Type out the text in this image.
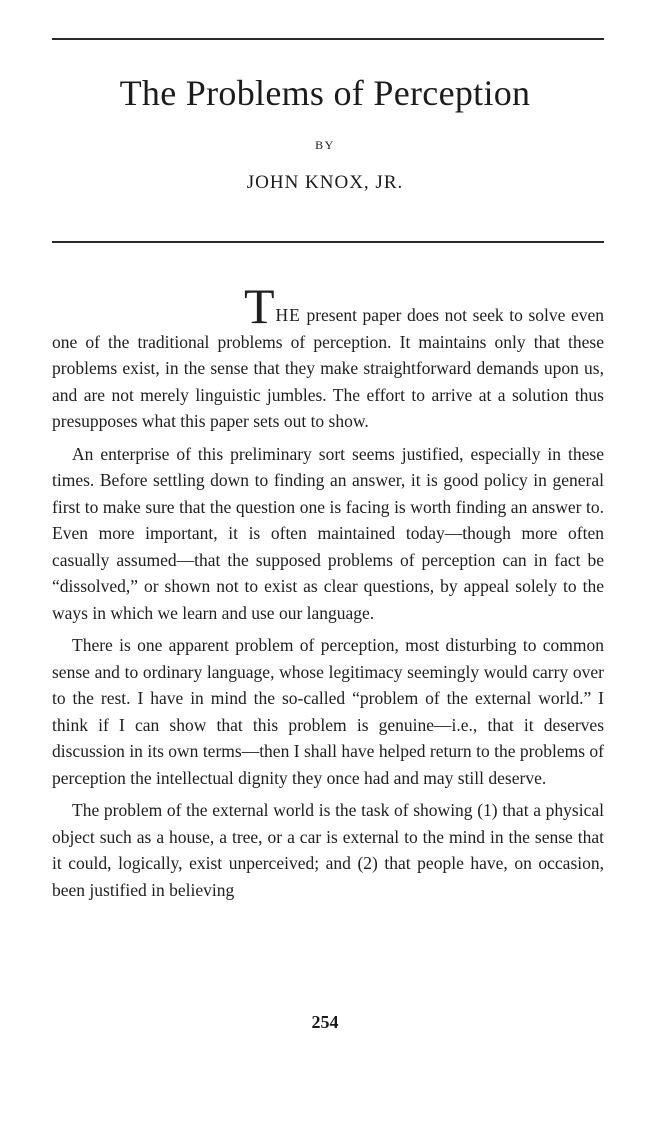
The Problems of Perception
BY
JOHN KNOX, JR.

THE present paper does not seek to solve even one of the traditional problems of perception. It maintains only that these problems exist, in the sense that they make straightforward demands upon us, and are not merely linguistic jumbles. The effort to arrive at a solution thus presupposes what this paper sets out to show.

An enterprise of this preliminary sort seems justified, especially in these times. Before settling down to finding an answer, it is good policy in general first to make sure that the question one is facing is worth finding an answer to. Even more important, it is often maintained today—though more often casually assumed—that the supposed problems of perception can in fact be “dissolved,” or shown not to exist as clear questions, by appeal solely to the ways in which we learn and use our language.

There is one apparent problem of perception, most disturbing to common sense and to ordinary language, whose legitimacy seemingly would carry over to the rest. I have in mind the so-called “problem of the external world.” I think if I can show that this problem is genuine—i.e., that it deserves discussion in its own terms—then I shall have helped return to the problems of perception the intellectual dignity they once had and may still deserve.

The problem of the external world is the task of showing (1) that a physical object such as a house, a tree, or a car is external to the mind in the sense that it could, logically, exist unperceived; and (2) that people have, on occasion, been justified in believing

254
